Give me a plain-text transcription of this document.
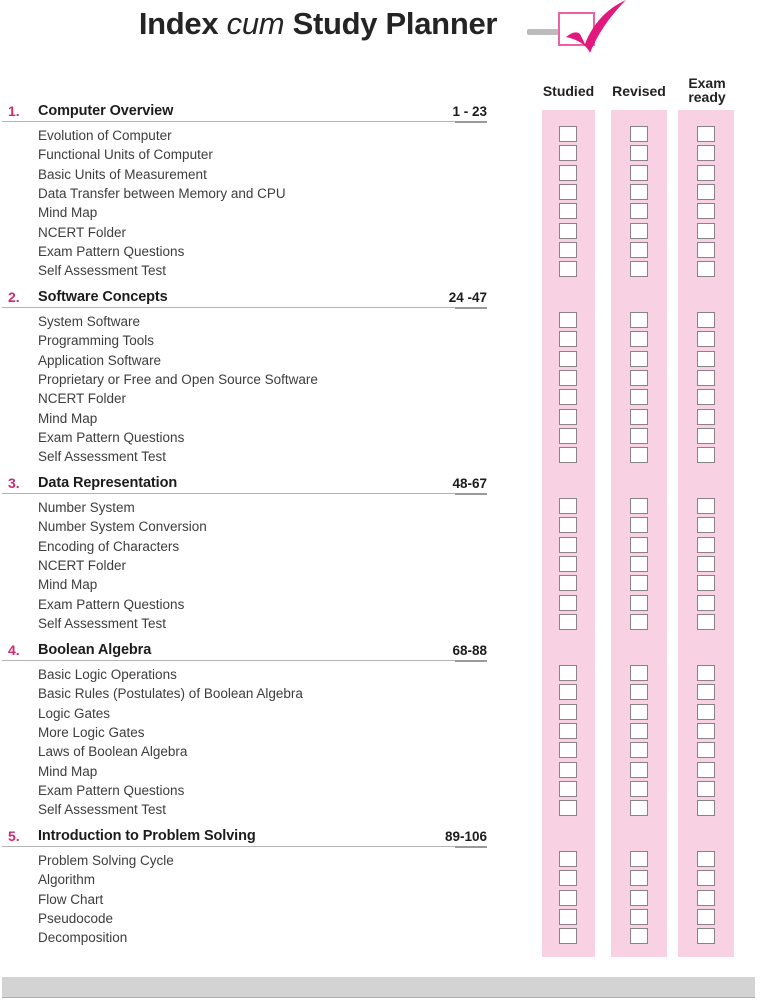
Index cum Study Planner
Studied Revised	Exam ready
1. Computer Overview	1 - 23
Evolution of Computer
Functional Units of Computer
Basic Units of Measurement
Data Transfer between Memory and CPU
Mind Map
NCERT Folder
Exam Pattern Questions
Self Assessment Test
2. Software Concepts	24 -47
System Software
Programming Tools
Application Software
Proprietary or Free and Open Source Software
NCERT Folder
Mind Map
Exam Pattern Questions
Self Assessment Test
3. Data Representation	48-67
Number System
Number System Conversion
Encoding of Characters
NCERT Folder
Mind Map
Exam Pattern Questions
Self Assessment Test
4. Boolean Algebra	68-88
Basic Logic Operations
Basic Rules (Postulates) of Boolean Algebra
Logic Gates
More Logic Gates
Laws of Boolean Algebra
Mind Map
Exam Pattern Questions
Self Assessment Test
5. Introduction to Problem Solving	89-106
Problem Solving Cycle
Algorithm
Flow Chart
Pseudocode
Decomposition
